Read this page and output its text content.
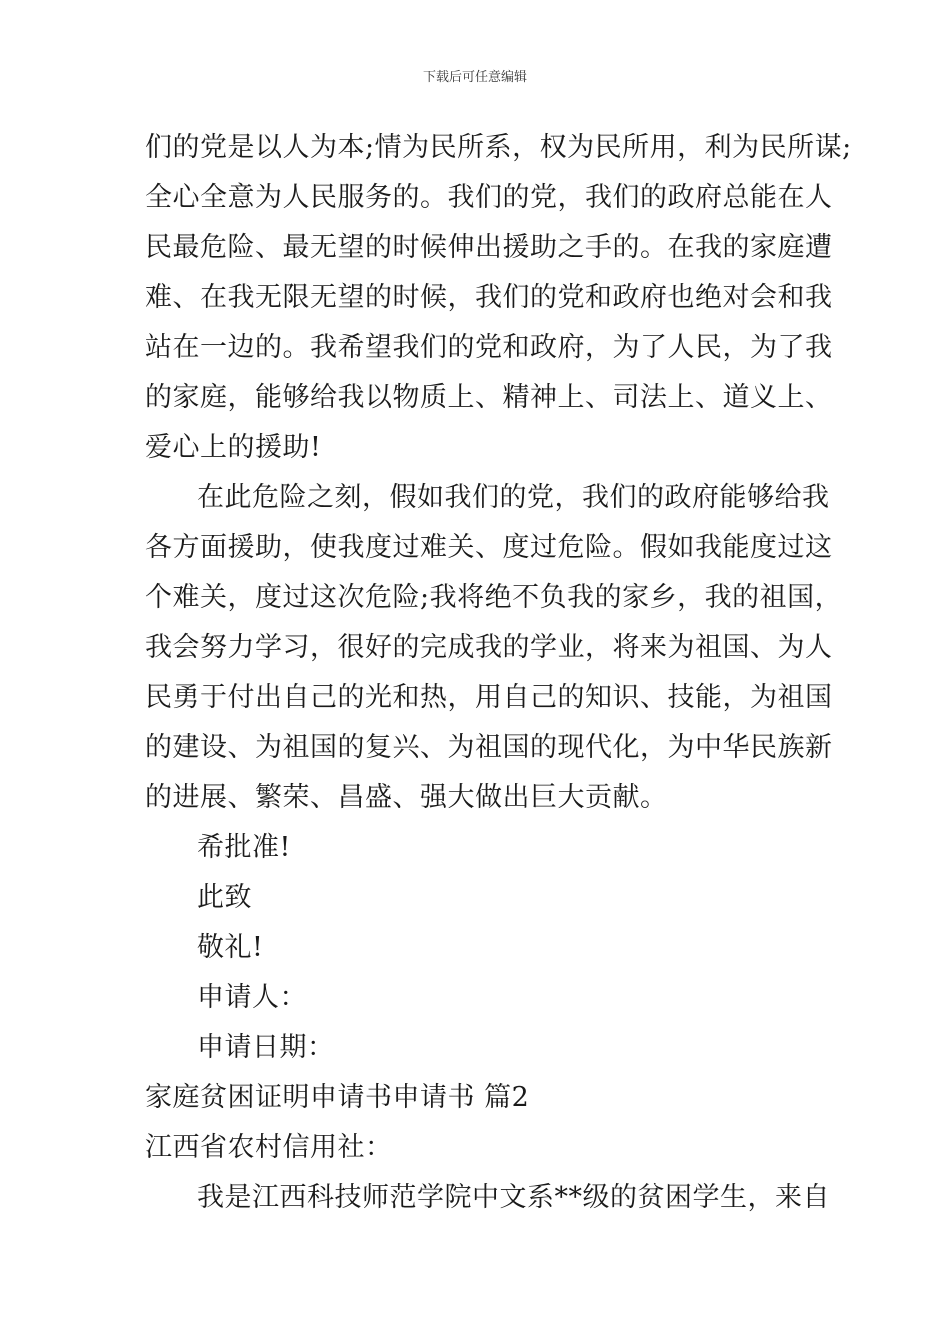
下载后可任意编辑
们的党是以人为本;情为民所系，权为民所用，利为民所谋;
全心全意为人民服务的。我们的党，我们的政府总能在人
民最危险、最无望的时候伸出援助之手的。在我的家庭遭
难、在我无限无望的时候，我们的党和政府也绝对会和我
站在一边的。我希望我们的党和政府，为了人民，为了我
的家庭，能够给我以物质上、精神上、司法上、道义上、
爱心上的援助!
在此危险之刻，假如我们的党，我们的政府能够给我
各方面援助，使我度过难关、度过危险。假如我能度过这
个难关，度过这次危险;我将绝不负我的家乡，我的祖国，
我会努力学习，很好的完成我的学业，将来为祖国、为人
民勇于付出自己的光和热，用自己的知识、技能，为祖国
的建设、为祖国的复兴、为祖国的现代化，为中华民族新
的进展、繁荣、昌盛、强大做出巨大贡献。
希批准!
此致
敬礼!
申请人：
申请日期：
家庭贫困证明申请书申请书 篇2
江西省农村信用社：
我是江西科技师范学院中文系**级的贫困学生，来自
